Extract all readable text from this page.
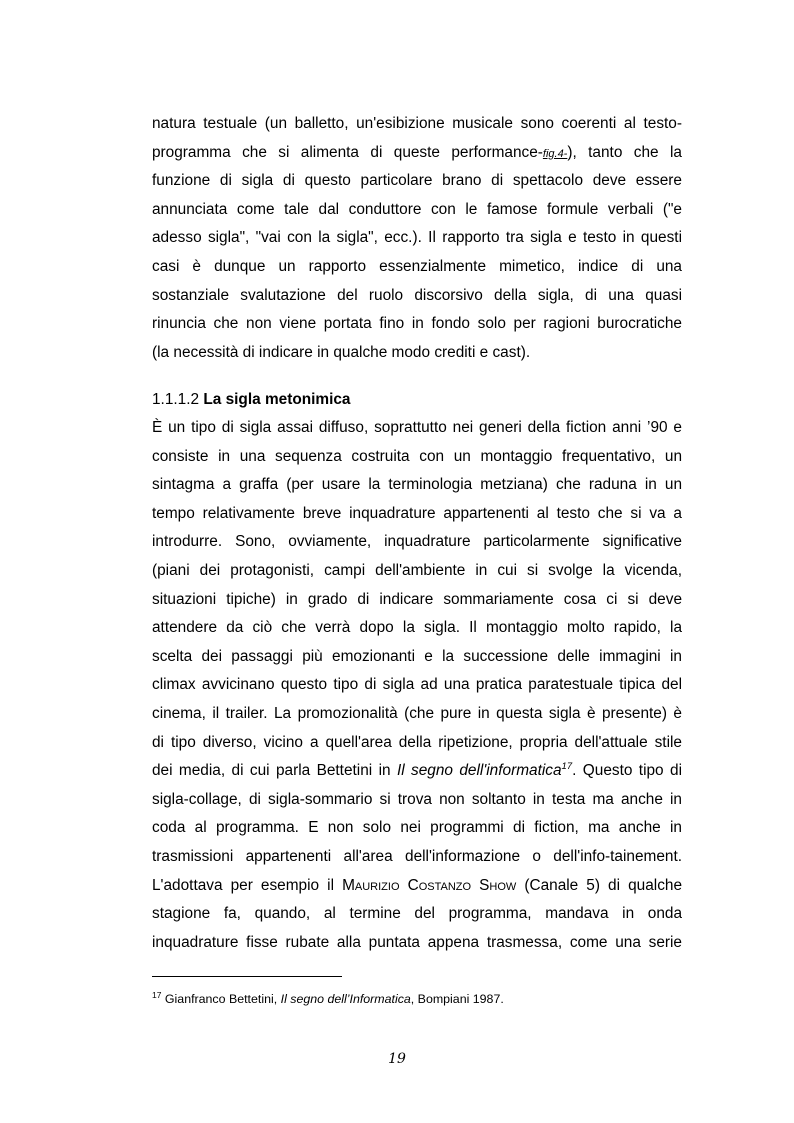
natura testuale (un balletto, un'esibizione musicale sono coerenti al testo-
programma che si alimenta di queste performance-fig.4-), tanto che la
funzione di sigla di questo particolare brano di spettacolo deve essere
annunciata come tale dal conduttore con le famose formule verbali ("e
adesso sigla", "vai con la sigla", ecc.). Il rapporto tra sigla e testo in questi
casi è dunque un rapporto essenzialmente mimetico, indice di una
sostanziale svalutazione del ruolo discorsivo della sigla, di una quasi
rinuncia che non viene portata fino in fondo solo per ragioni burocratiche
(la necessità di indicare in qualche modo crediti e cast).
1.1.1.2 La sigla metonimica
È un tipo di sigla assai diffuso, soprattutto nei generi della fiction anni ’90 e
consiste in una sequenza costruita con un montaggio frequentativo, un
sintagma a graffa (per usare la terminologia metziana) che raduna in un
tempo relativamente breve inquadrature appartenenti al testo che si va a
introdurre. Sono, ovviamente, inquadrature particolarmente significative
(piani dei protagonisti, campi dell'ambiente in cui si svolge la vicenda,
situazioni tipiche) in grado di indicare sommariamente cosa ci si deve
attendere da ciò che verrà dopo la sigla. Il montaggio molto rapido, la
scelta dei passaggi più emozionanti e la successione delle immagini in
climax avvicinano questo tipo di sigla ad una pratica paratestuale tipica del
cinema, il trailer. La promozionalità (che pure in questa sigla è presente) è
di tipo diverso, vicino a quell'area della ripetizione, propria dell'attuale stile
dei media, di cui parla Bettetini in Il segno dell'informatica$^{17}$. Questo tipo di
sigla-collage, di sigla-sommario si trova non soltanto in testa ma anche in
coda al programma. E non solo nei programmi di fiction, ma anche in
trasmissioni appartenenti all'area dell'informazione o dell'info-tainement.
L'adottava per esempio il Maurizio Costanzo Show (Canale 5) di qualche
stagione fa, quando, al termine del programma, mandava in onda
inquadrature fisse rubate alla puntata appena trasmessa, come una serie
$^{17}$ Gianfranco Bettetini, Il segno dell’Informatica, Bompiani 1987.
19
